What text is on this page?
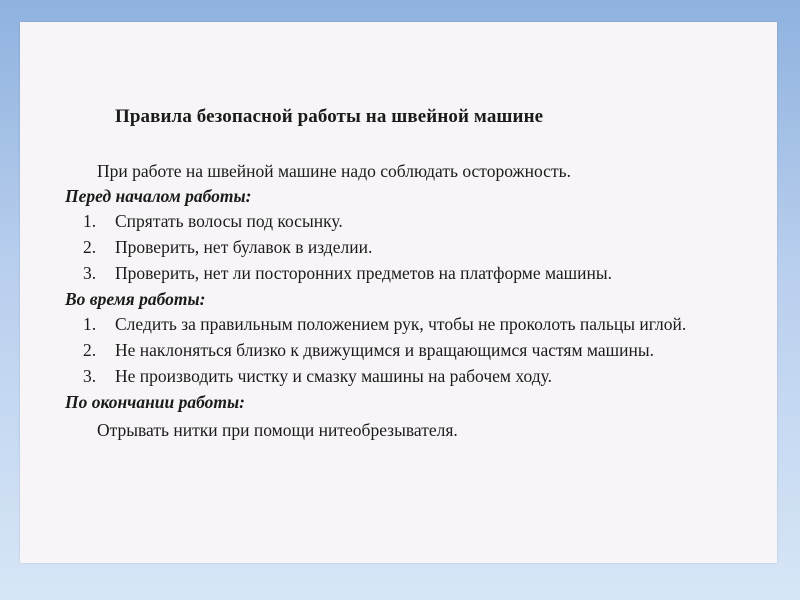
Правила безопасной работы на швейной машине

При работе на швейной машине надо соблюдать осторожность.

Перед началом работы:

1. Спрятать волосы под косынку.
2. Проверить, нет булавок в изделии.
3. Проверить, нет ли посторонних предметов на платформе машины.

Во время работы:

1. Следить за правильным положением рук, чтобы не проколоть пальцы иглой.
2. Не наклоняться близко к движущимся и вращающимся частям машины.
3. Не производить чистку и смазку машины на рабочем ходу.

По окончании работы:

Отрывать нитки при помощи нитеобрезывателя.
